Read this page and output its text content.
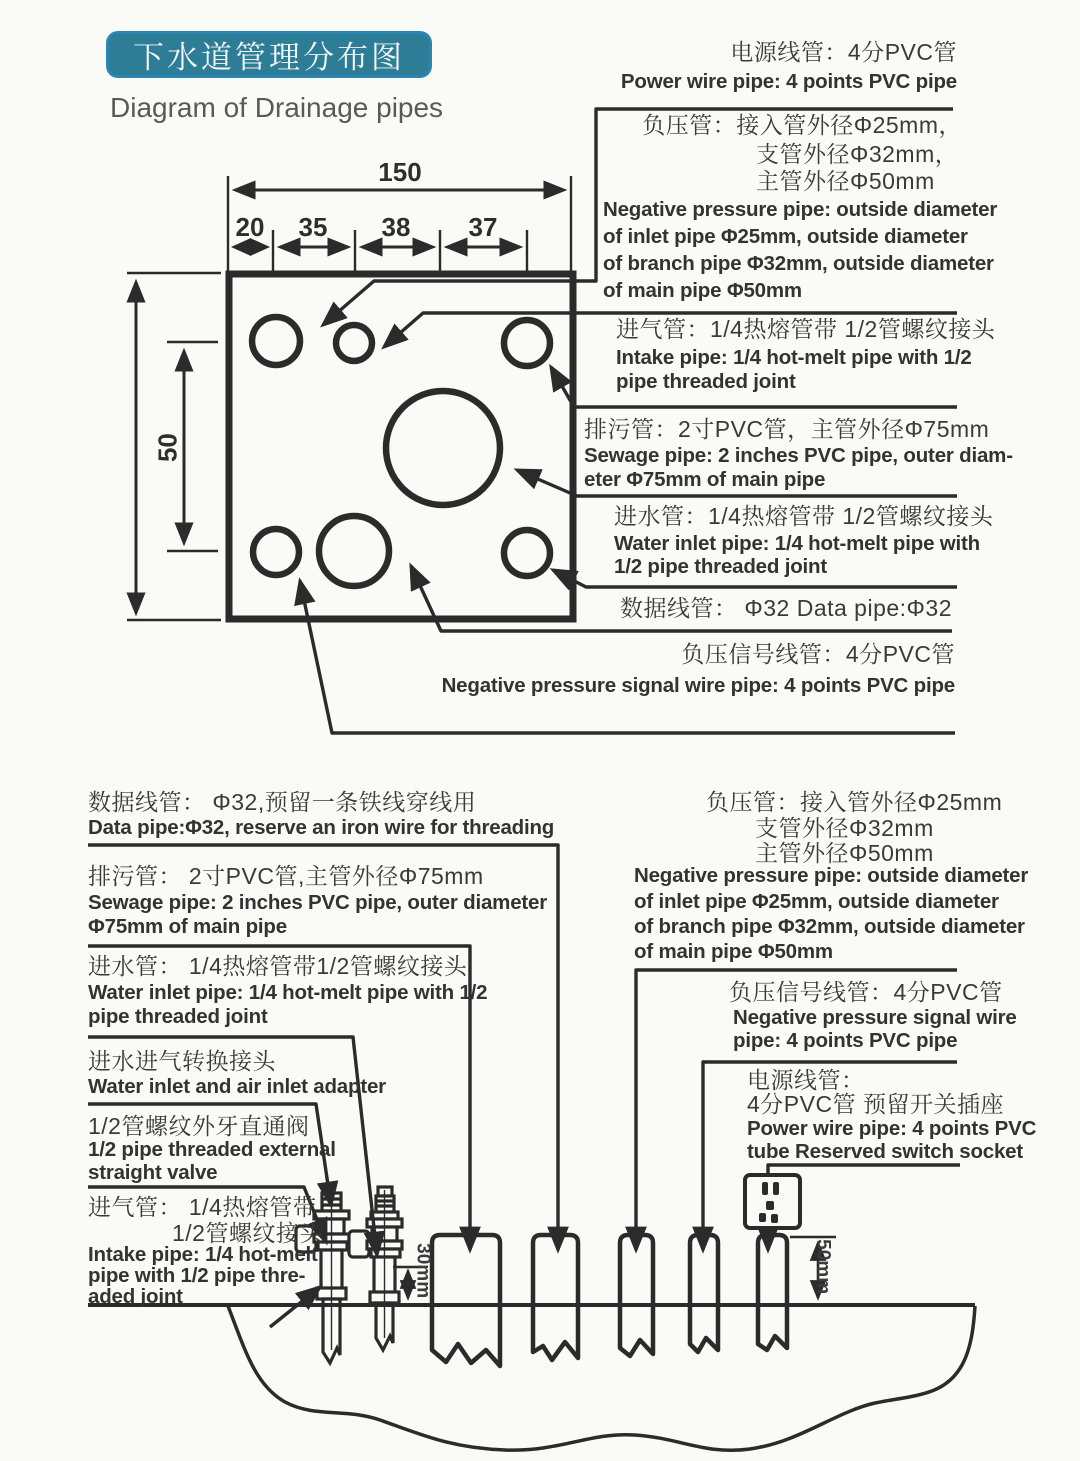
下水道管理分布图
Diagram of Drainage pipes
150
20 35 38 37
50
30mm	50mm
电源线管：4分PVC管
Power wire pipe: 4 points PVC pipe
负压管：接入管外径Φ25mm，
支管外径Φ32mm，
主管外径Φ50mm
Negative pressure pipe: outside diameter
of inlet pipe Φ25mm, outside diameter
of branch pipe Φ32mm, outside diameter
of main pipe Φ50mm
进气管：1/4热熔管带 1/2管螺纹接头
Intake pipe: 1/4 hot-melt pipe with 1/2
pipe threaded joint
排污管：2寸PVC管，主管外径Φ75mm
Sewage pipe: 2 inches PVC pipe, outer diam-
eter Φ75mm of main pipe
进水管：1/4热熔管带 1/2管螺纹接头
Water inlet pipe: 1/4 hot-melt pipe with
1/2 pipe threaded joint
数据线管： Φ32 Data pipe:Φ32
负压信号线管：4分PVC管
Negative pressure signal wire pipe: 4 points PVC pipe
数据线管： Φ32,预留一条铁线穿线用
Data pipe:Φ32, reserve an iron wire for threading
排污管： 2寸PVC管,主管外径Φ75mm
Sewage pipe: 2 inches PVC pipe, outer diameter
Φ75mm of main pipe
进水管： 1/4热熔管带1/2管螺纹接头
Water inlet pipe: 1/4 hot-melt pipe with 1/2
pipe threaded joint
进水进气转换接头
Water inlet and air inlet adapter
1/2管螺纹外牙直通阀
1/2 pipe threaded external
straight valve
进气管： 1/4热熔管带
1/2管螺纹接头
Intake pipe: 1/4 hot-melt
pipe with 1/2 pipe thre-
aded joint
负压管：接入管外径Φ25mm
支管外径Φ32mm
主管外径Φ50mm
Negative pressure pipe: outside diameter
of inlet pipe Φ25mm, outside diameter
of branch pipe Φ32mm, outside diameter
of main pipe Φ50mm
负压信号线管：4分PVC管
Negative pressure signal wire
pipe: 4 points PVC pipe
电源线管：
4分PVC管 预留开关插座
Power wire pipe: 4 points PVC
tube Reserved switch socket
